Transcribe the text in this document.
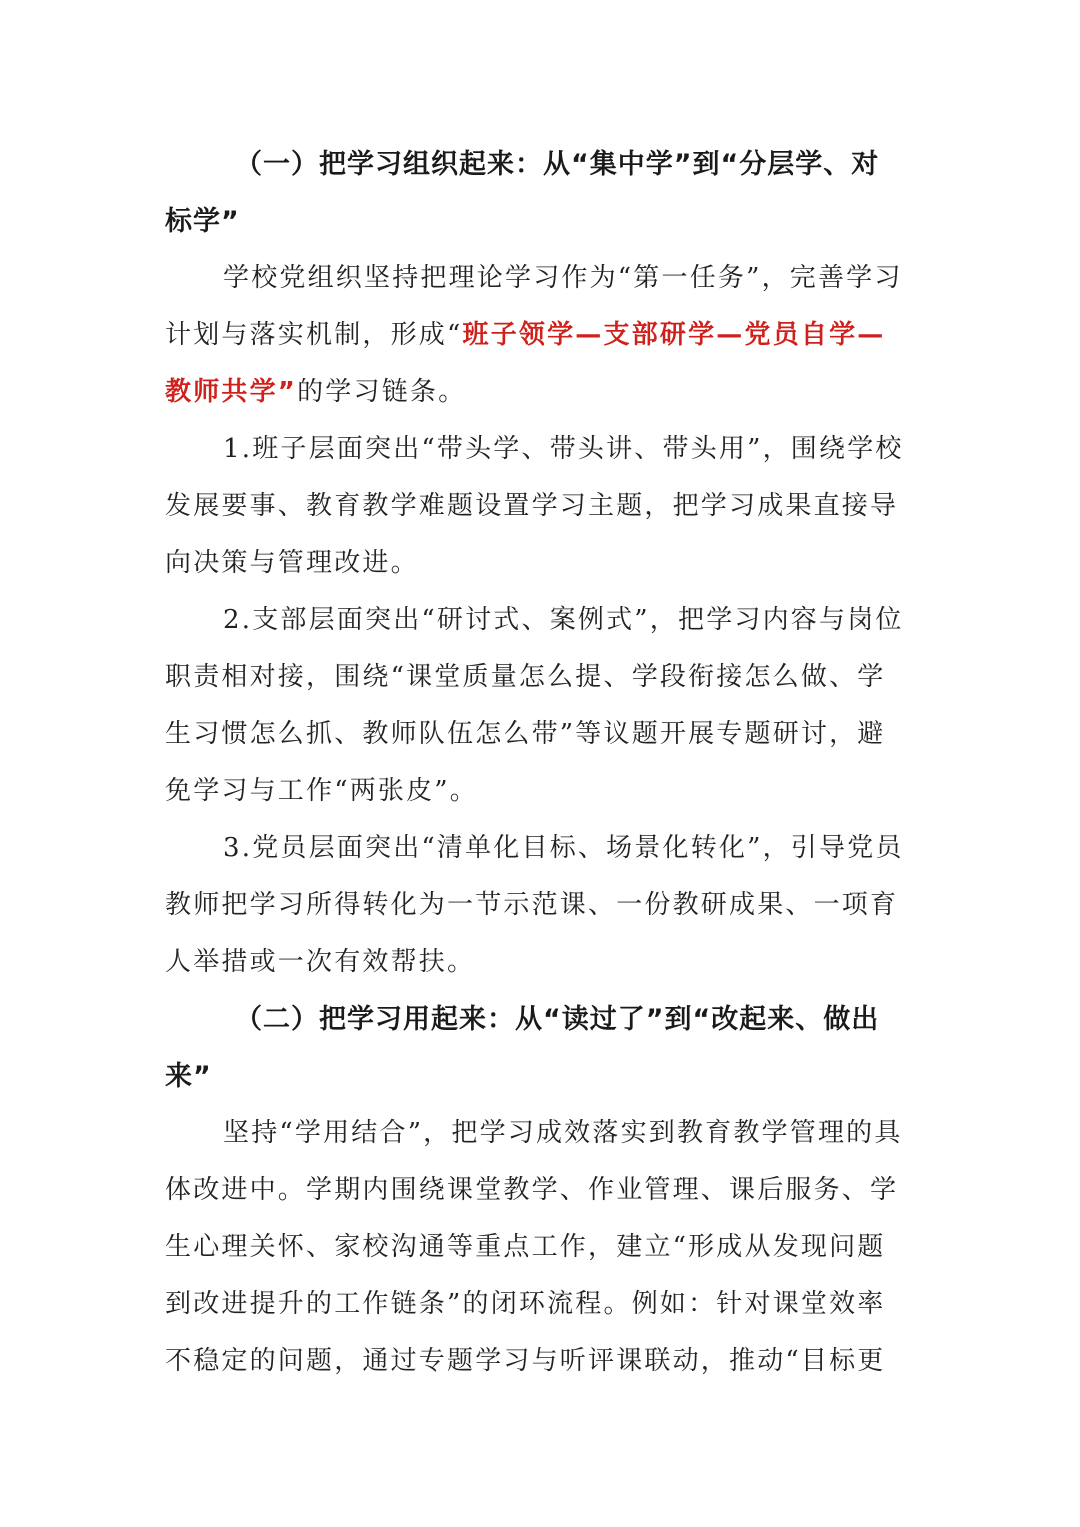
（一）把学习组织起来：从“集中学”到“分层学、对
标学”
学校党组织坚持把理论学习作为“第一任务”，完善学习
计划与落实机制，形成“班子领学—支部研学—党员自学—
教师共学”的学习链条。
1.班子层面突出“带头学、带头讲、带头用”，围绕学校
发展要事、教育教学难题设置学习主题，把学习成果直接导
向决策与管理改进。
2.支部层面突出“研讨式、案例式”，把学习内容与岗位
职责相对接，围绕“课堂质量怎么提、学段衔接怎么做、学
生习惯怎么抓、教师队伍怎么带”等议题开展专题研讨，避
免学习与工作“两张皮”。
3.党员层面突出“清单化目标、场景化转化”，引导党员
教师把学习所得转化为一节示范课、一份教研成果、一项育
人举措或一次有效帮扶。
（二）把学习用起来：从“读过了”到“改起来、做出
来”
坚持“学用结合”，把学习成效落实到教育教学管理的具
体改进中。学期内围绕课堂教学、作业管理、课后服务、学
生心理关怀、家校沟通等重点工作，建立“形成从发现问题
到改进提升的工作链条”的闭环流程。例如：针对课堂效率
不稳定的问题，通过专题学习与听评课联动，推动“目标更
